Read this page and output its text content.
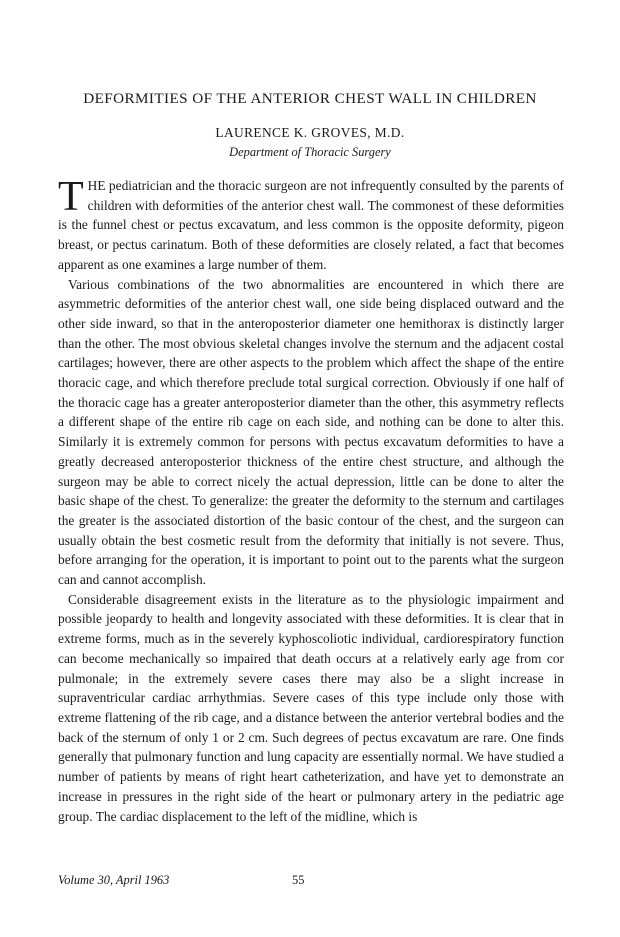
DEFORMITIES OF THE ANTERIOR CHEST WALL IN CHILDREN
LAURENCE K. GROVES, M.D.
Department of Thoracic Surgery

THE pediatrician and the thoracic surgeon are not infrequently consulted by the parents of children with deformities of the anterior chest wall. The commonest of these deformities is the funnel chest or pectus excavatum, and less common is the opposite deformity, pigeon breast, or pectus carinatum. Both of these deformities are closely related, a fact that becomes apparent as one examines a large number of them.

Various combinations of the two abnormalities are encountered in which there are asymmetric deformities of the anterior chest wall, one side being displaced outward and the other side inward, so that in the anteroposterior diameter one hemithorax is distinctly larger than the other. The most obvious skeletal changes involve the sternum and the adjacent costal cartilages; however, there are other aspects to the problem which affect the shape of the entire thoracic cage, and which therefore preclude total surgical correction. Obviously if one half of the thoracic cage has a greater anteroposterior diameter than the other, this asymmetry reflects a different shape of the entire rib cage on each side, and nothing can be done to alter this. Similarly it is extremely common for persons with pectus excavatum deformities to have a greatly decreased anteroposterior thickness of the entire chest structure, and although the surgeon may be able to correct nicely the actual depression, little can be done to alter the basic shape of the chest. To generalize: the greater the deformity to the sternum and cartilages the greater is the associated distortion of the basic contour of the chest, and the surgeon can usually obtain the best cosmetic result from the deformity that initially is not severe. Thus, before arranging for the operation, it is important to point out to the parents what the surgeon can and cannot accomplish.

Considerable disagreement exists in the literature as to the physiologic impairment and possible jeopardy to health and longevity associated with these deformities. It is clear that in extreme forms, much as in the severely kyphoscoliotic individual, cardiorespiratory function can become mechanically so impaired that death occurs at a relatively early age from cor pulmonale; in the extremely severe cases there may also be a slight increase in supraventricular cardiac arrhythmias. Severe cases of this type include only those with extreme flattening of the rib cage, and a distance between the anterior vertebral bodies and the back of the sternum of only 1 or 2 cm. Such degrees of pectus excavatum are rare. One finds generally that pulmonary function and lung capacity are essentially normal. We have studied a number of patients by means of right heart catheterization, and have yet to demonstrate an increase in pressures in the right side of the heart or pulmonary artery in the pediatric age group. The cardiac displacement to the left of the midline, which is

Volume 30, April 1963	55
